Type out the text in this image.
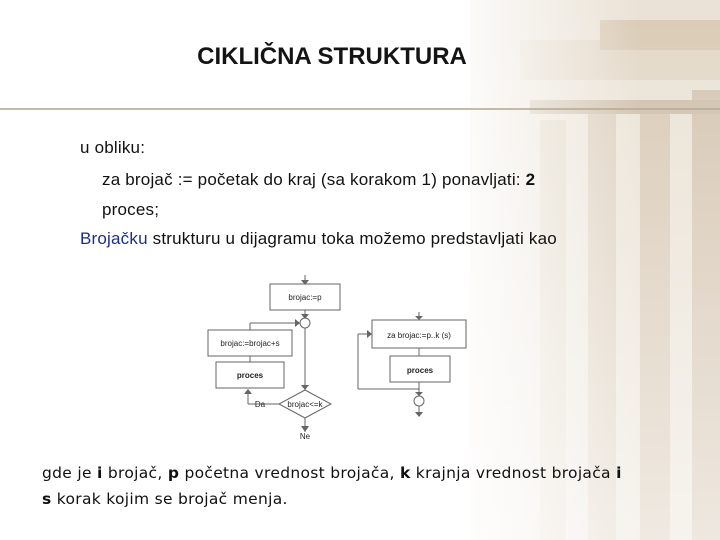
CIKLIČNA STRUKTURA
u obliku:
za brojač := početak do kraj (sa korakom 1) ponavljati: 2
proces;
Brojačku strukturu u dijagramu toka možemo predstavljati kao
brojac:=p
brojac:=brojac+s
proces
brojac<=k
Da
Ne
za brojac:=p..k (s)
proces
gde je i brojač, p početna vrednost brojača, k krajnja vrednost brojača i
s korak kojim se brojač menja.
